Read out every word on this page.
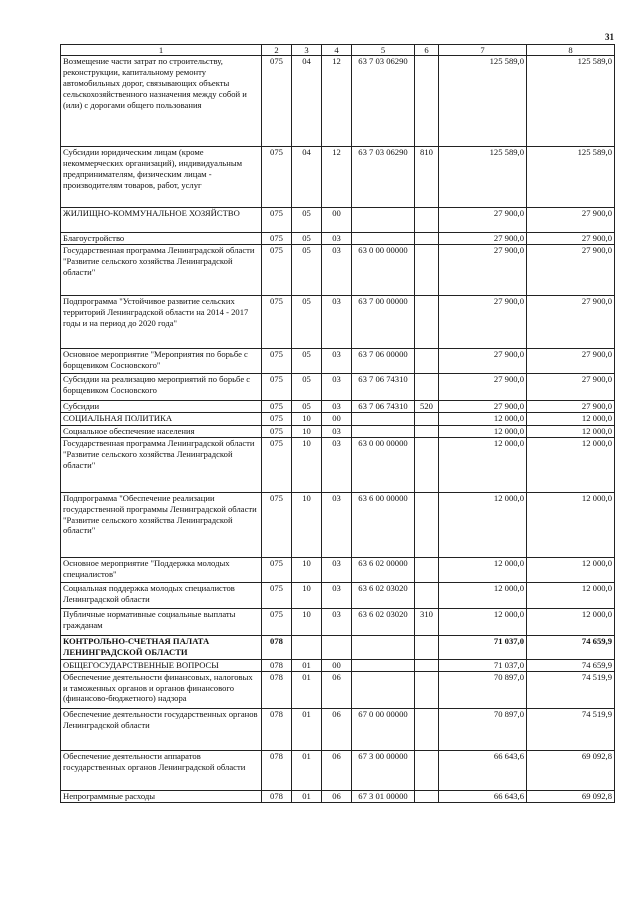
31
1	2	3	4	5	6	7	8
Возмещение части затрат по строительству, реконструкции, капитальному ремонту автомобильных дорог, связывающих объекты сельскохозяйственного назначения между собой и (или) с дорогами общего пользования	075	04	12	63 7 03 06290		125 589,0	125 589,0
Субсидии юридическим лицам (кроме некоммерческих организаций), индивидуальным предпринимателям, физическим лицам - производителям товаров, работ, услуг	075	04	12	63 7 03 06290	810	125 589,0	125 589,0
ЖИЛИЩНО-КОММУНАЛЬНОЕ ХОЗЯЙСТВО	075	05	00			27 900,0	27 900,0
Благоустройство	075	05	03			27 900,0	27 900,0
Государственная программа Ленинградской области "Развитие сельского хозяйства Ленинградской области"	075	05	03	63 0 00 00000		27 900,0	27 900,0
Подпрограмма "Устойчивое развитие сельских территорий Ленинградской области на 2014 - 2017 годы и на период до 2020 года"	075	05	03	63 7 00 00000		27 900,0	27 900,0
Основное мероприятие "Мероприятия по борьбе с борщевиком Сосновского"	075	05	03	63 7 06 00000		27 900,0	27 900,0
Субсидии на реализацию мероприятий по борьбе с борщевиком Сосновского	075	05	03	63 7 06 74310		27 900,0	27 900,0
Субсидии	075	05	03	63 7 06 74310	520	27 900,0	27 900,0
СОЦИАЛЬНАЯ ПОЛИТИКА	075	10	00			12 000,0	12 000,0
Социальное обеспечение населения	075	10	03			12 000,0	12 000,0
Государственная программа Ленинградской области "Развитие сельского хозяйства Ленинградской области"	075	10	03	63 0 00 00000		12 000,0	12 000,0
Подпрограмма "Обеспечение реализации государственной программы Ленинградской области "Развитие сельского хозяйства Ленинградской области"	075	10	03	63 6 00 00000		12 000,0	12 000,0
Основное мероприятие "Поддержка молодых специалистов"	075	10	03	63 6 02 00000		12 000,0	12 000,0
Социальная поддержка молодых специалистов Ленинградской области	075	10	03	63 6 02 03020		12 000,0	12 000,0
Публичные нормативные социальные выплаты гражданам	075	10	03	63 6 02 03020	310	12 000,0	12 000,0
КОНТРОЛЬНО-СЧЕТНАЯ ПАЛАТА ЛЕНИНГРАДСКОЙ ОБЛАСТИ	078					71 037,0	74 659,9
ОБЩЕГОСУДАРСТВЕННЫЕ ВОПРОСЫ	078	01	00			71 037,0	74 659,9
Обеспечение деятельности финансовых, налоговых и таможенных органов и органов финансового (финансово-бюджетного) надзора	078	01	06			70 897,0	74 519,9
Обеспечение деятельности государственных органов Ленинградской области	078	01	06	67 0 00 00000		70 897,0	74 519,9
Обеспечение деятельности аппаратов государственных органов Ленинградской области	078	01	06	67 3 00 00000		66 643,6	69 092,8
Непрограммные расходы	078	01	06	67 3 01 00000		66 643,6	69 092,8
